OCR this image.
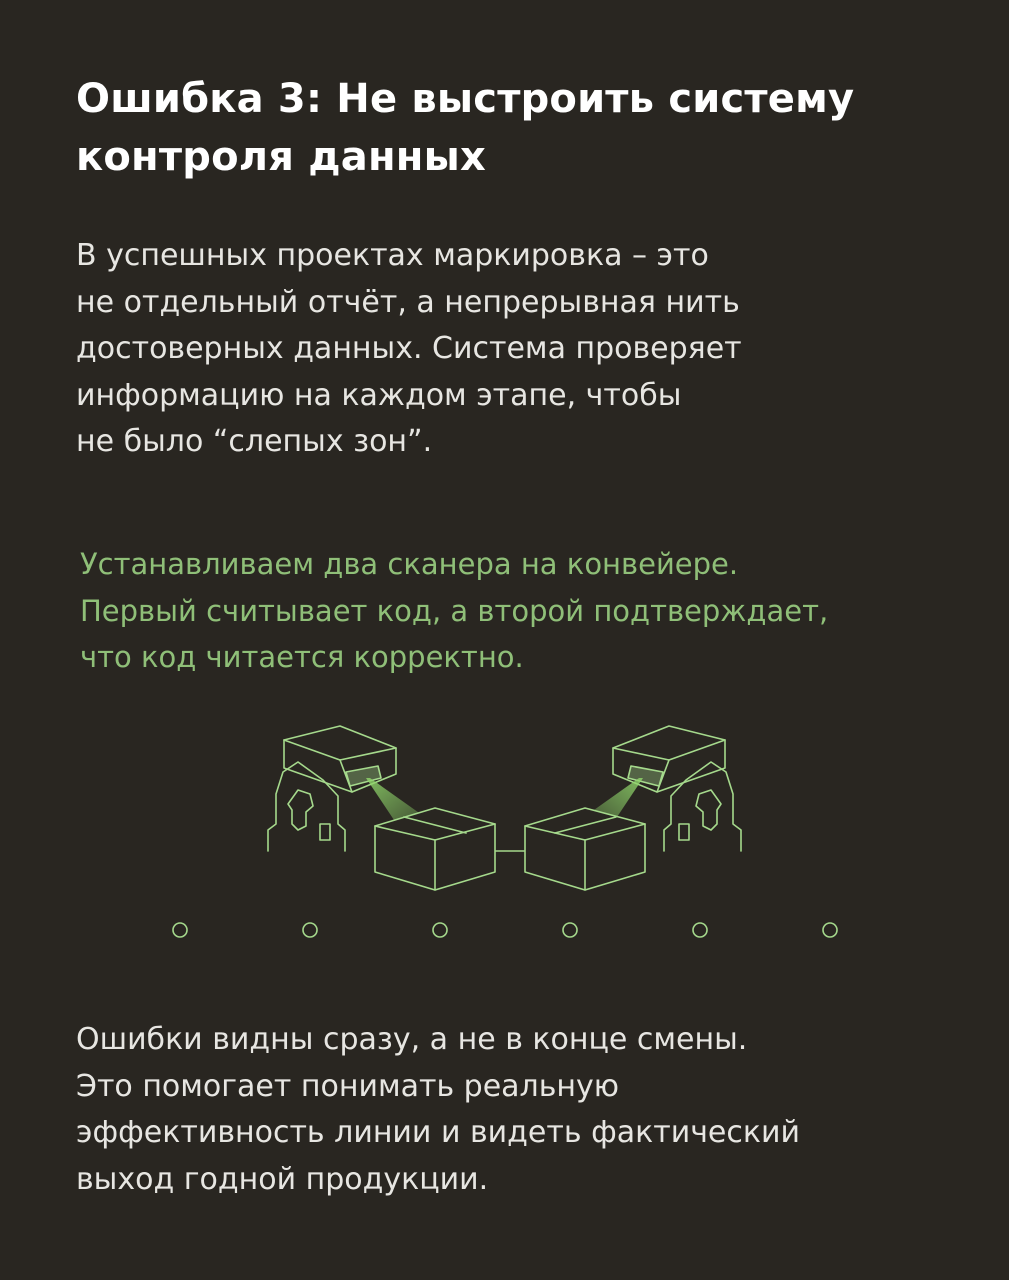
Ошибка 3: Не выстроить систему
контроля данных

В успешных проектах маркировка – это
не отдельный отчёт, а непрерывная нить
достоверных данных. Система проверяет
информацию на каждом этапе, чтобы
не было “слепых зон”.

Устанавливаем два сканера на конвейере.
Первый считывает код, а второй подтверждает,
что код читается корректно.

Ошибки видны сразу, а не в конце смены.
Это помогает понимать реальную
эффективность линии и видеть фактический
выход годной продукции.
